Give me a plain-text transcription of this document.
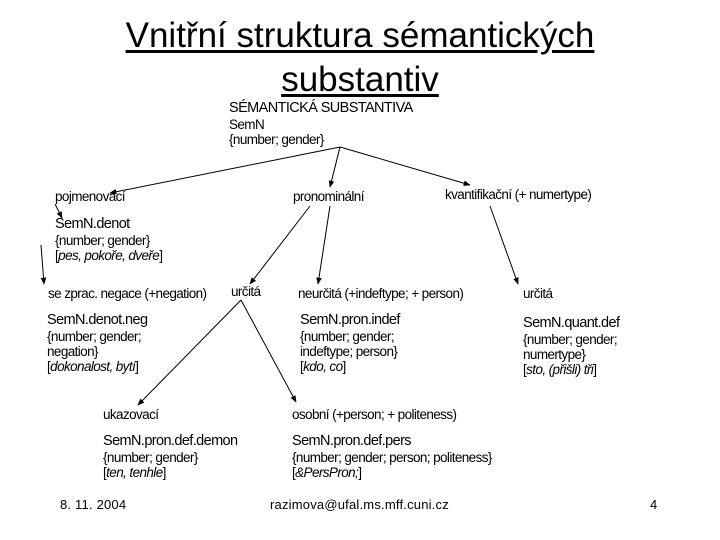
Vnitřní struktura sémantických
substantiv
SÉMANTICKÁ SUBSTANTIVA
SemN
{number; gender}
pojmenovací	pronominální	kvantifikační (+ numertype)
se zprac. negace (+negation) určitá	neurčitá (+indeftype; + person)	určitá
ukazovací	osobní (+person; + politeness)
SemN.denot
{number; gender}
[pes, pokoře, dveře]
SemN.denot.neg
{number; gender;
negation}
[dokonalost, bytí]
SemN.pron.indef
{number; gender;
indeftype; person}
[kdo, co]
SemN.quant.def
{number; gender;
numertype}
[sto, (přišli) tři]
SemN.pron.def.demon
{number; gender}
[ten, tenhle]
SemN.pron.def.pers
{number; gender; person; politeness}
[&PersPron;]
8. 11. 2004	razimova@ufal.ms.mff.cuni.cz	4
